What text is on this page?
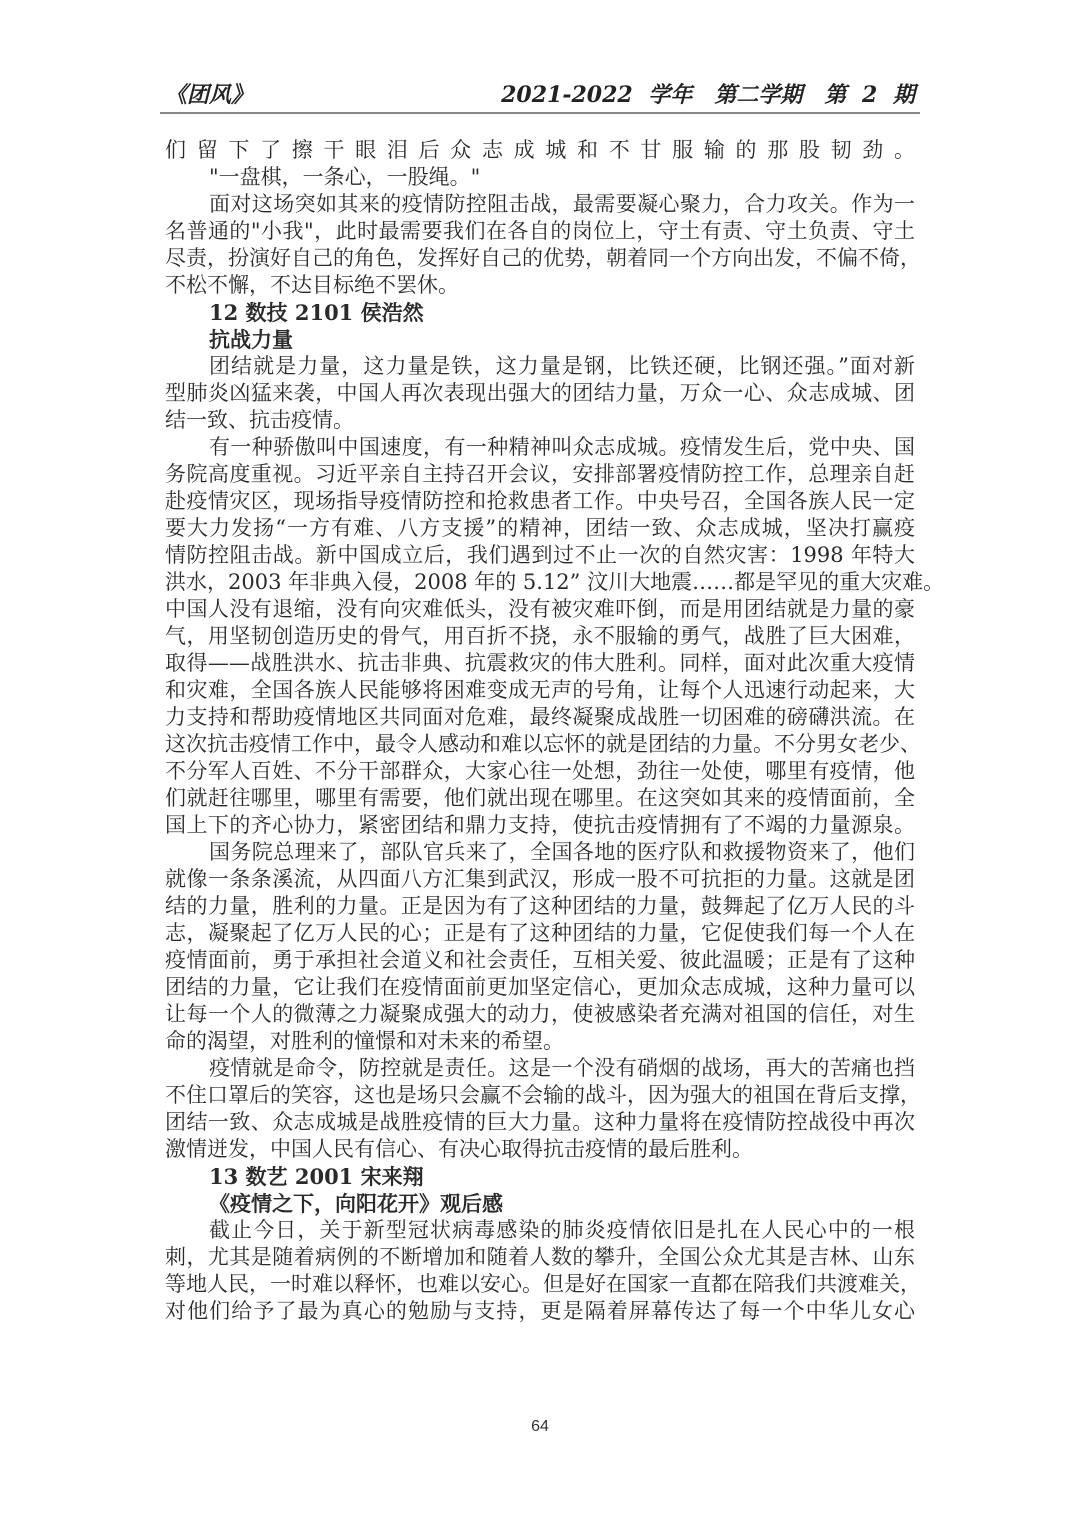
《团风》	2021-2022 学年　第二学期　第 2 期
们留下了擦干眼泪后众志成城和不甘服输的那股韧劲。
"一盘棋，一条心，一股绳。"
面对这场突如其来的疫情防控阻击战，最需要凝心聚力，合力攻关。作为一
名普通的"小我"，此时最需要我们在各自的岗位上，守土有责、守土负责、守土
尽责，扮演好自己的角色，发挥好自己的优势，朝着同一个方向出发，不偏不倚，
不松不懈，不达目标绝不罢休。
12 数技 2101 侯浩然
抗战力量
团结就是力量，这力量是铁，这力量是钢，比铁还硬，比钢还强。”面对新
型肺炎凶猛来袭，中国人再次表现出强大的团结力量，万众一心、众志成城、团
结一致、抗击疫情。
有一种骄傲叫中国速度，有一种精神叫众志成城。疫情发生后，党中央、国
务院高度重视。习近平亲自主持召开会议，安排部署疫情防控工作，总理亲自赶
赴疫情灾区，现场指导疫情防控和抢救患者工作。中央号召，全国各族人民一定
要大力发扬“一方有难、八方支援”的精神，团结一致、众志成城，坚决打赢疫
情防控阻击战。新中国成立后，我们遇到过不止一次的自然灾害：1998 年特大
洪水，2003 年非典入侵，2008 年的 5.12” 汶川大地震……都是罕见的重大灾难。
中国人没有退缩，没有向灾难低头，没有被灾难吓倒，而是用团结就是力量的豪
气，用坚韧创造历史的骨气，用百折不挠，永不服输的勇气，战胜了巨大困难，
取得——战胜洪水、抗击非典、抗震救灾的伟大胜利。同样，面对此次重大疫情
和灾难，全国各族人民能够将困难变成无声的号角，让每个人迅速行动起来，大
力支持和帮助疫情地区共同面对危难，最终凝聚成战胜一切困难的磅礴洪流。在
这次抗击疫情工作中，最令人感动和难以忘怀的就是团结的力量。不分男女老少、
不分军人百姓、不分干部群众，大家心往一处想，劲往一处使，哪里有疫情，他
们就赶往哪里，哪里有需要，他们就出现在哪里。在这突如其来的疫情面前，全
国上下的齐心协力，紧密团结和鼎力支持，使抗击疫情拥有了不竭的力量源泉。
国务院总理来了，部队官兵来了，全国各地的医疗队和救援物资来了，他们
就像一条条溪流，从四面八方汇集到武汉，形成一股不可抗拒的力量。这就是团
结的力量，胜利的力量。正是因为有了这种团结的力量，鼓舞起了亿万人民的斗
志，凝聚起了亿万人民的心；正是有了这种团结的力量，它促使我们每一个人在
疫情面前，勇于承担社会道义和社会责任，互相关爱、彼此温暖；正是有了这种
团结的力量，它让我们在疫情面前更加坚定信心，更加众志成城，这种力量可以
让每一个人的微薄之力凝聚成强大的动力，使被感染者充满对祖国的信任，对生
命的渴望，对胜利的憧憬和对未来的希望。
疫情就是命令，防控就是责任。这是一个没有硝烟的战场，再大的苦痛也挡
不住口罩后的笑容，这也是场只会赢不会输的战斗，因为强大的祖国在背后支撑，
团结一致、众志成城是战胜疫情的巨大力量。这种力量将在疫情防控战役中再次
激情迸发，中国人民有信心、有决心取得抗击疫情的最后胜利。
13 数艺 2001 宋来翔
《疫情之下，向阳花开》观后感
截止今日，关于新型冠状病毒感染的肺炎疫情依旧是扎在人民心中的一根
刺，尤其是随着病例的不断增加和随着人数的攀升，全国公众尤其是吉林、山东
等地人民，一时难以释怀，也难以安心。但是好在国家一直都在陪我们共渡难关，
对他们给予了最为真心的勉励与支持，更是隔着屏幕传达了每一个中华儿女心
64
